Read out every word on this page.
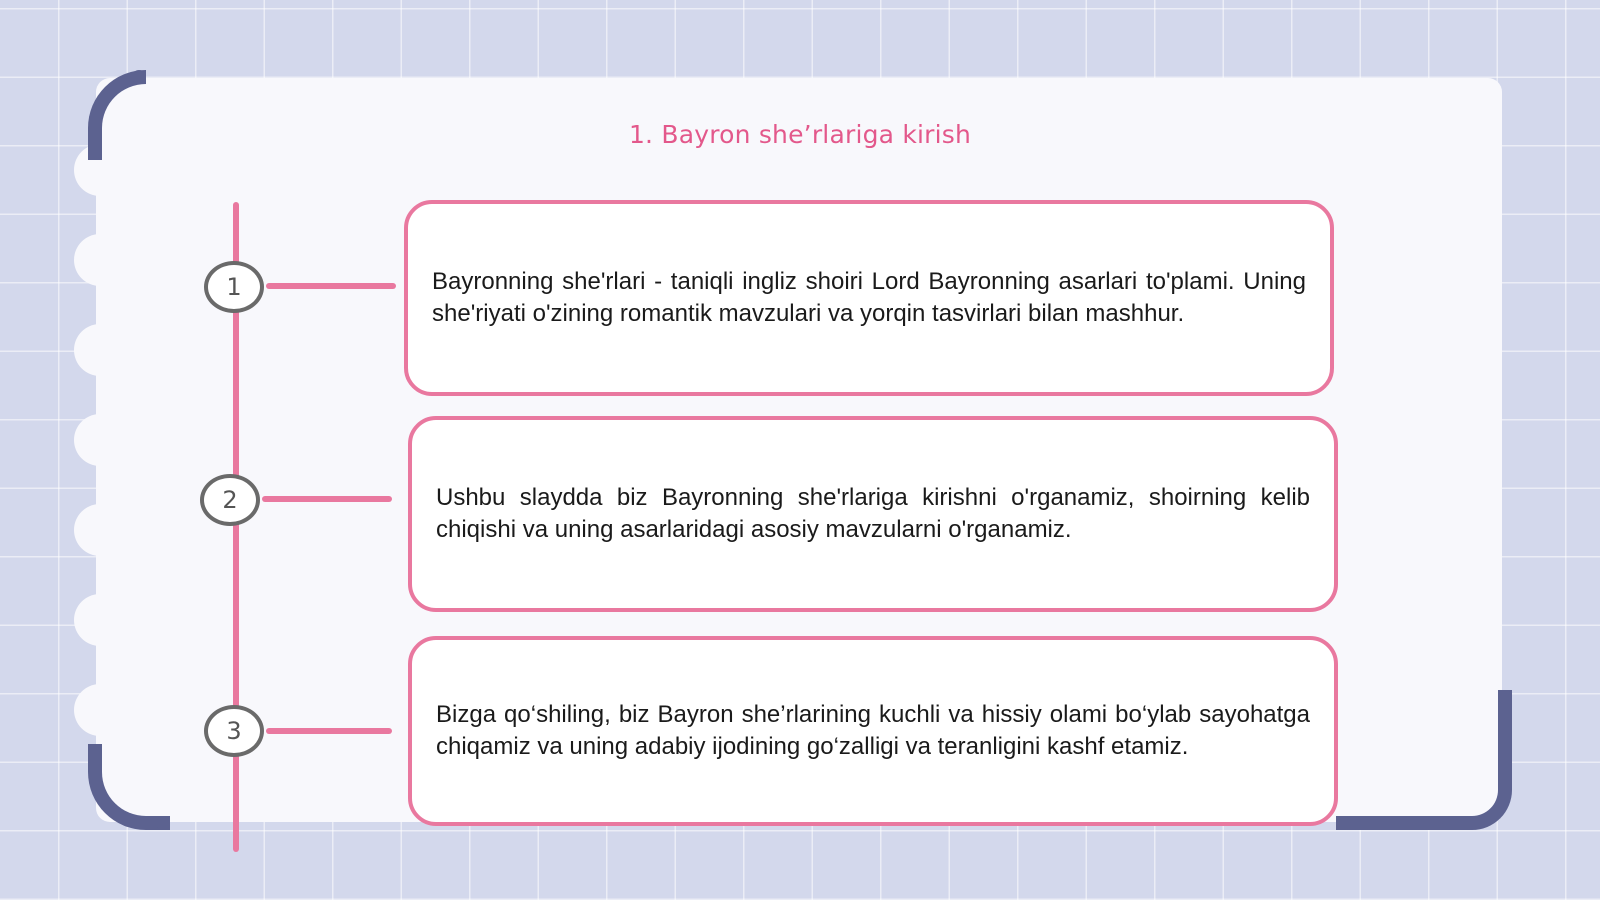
1. Bayron she’rlariga kirish
1	Bayronning she'rlari - taniqli ingliz shoiri Lord Bayronning asarlari to'plami. Uning she'riyati o'zining romantik mavzulari va yorqin tasvirlari bilan mashhur.
2	Ushbu slaydda biz Bayronning she'rlariga kirishni o'rganamiz, shoirning kelib chiqishi va uning asarlaridagi asosiy mavzularni o'rganamiz.
3
Bizga qo‘shiling, biz Bayron she’rlarining kuchli va hissiy olami bo‘ylab sayohatga chiqamiz va uning adabiy ijodining go‘zalligi va teranligini kashf etamiz.
